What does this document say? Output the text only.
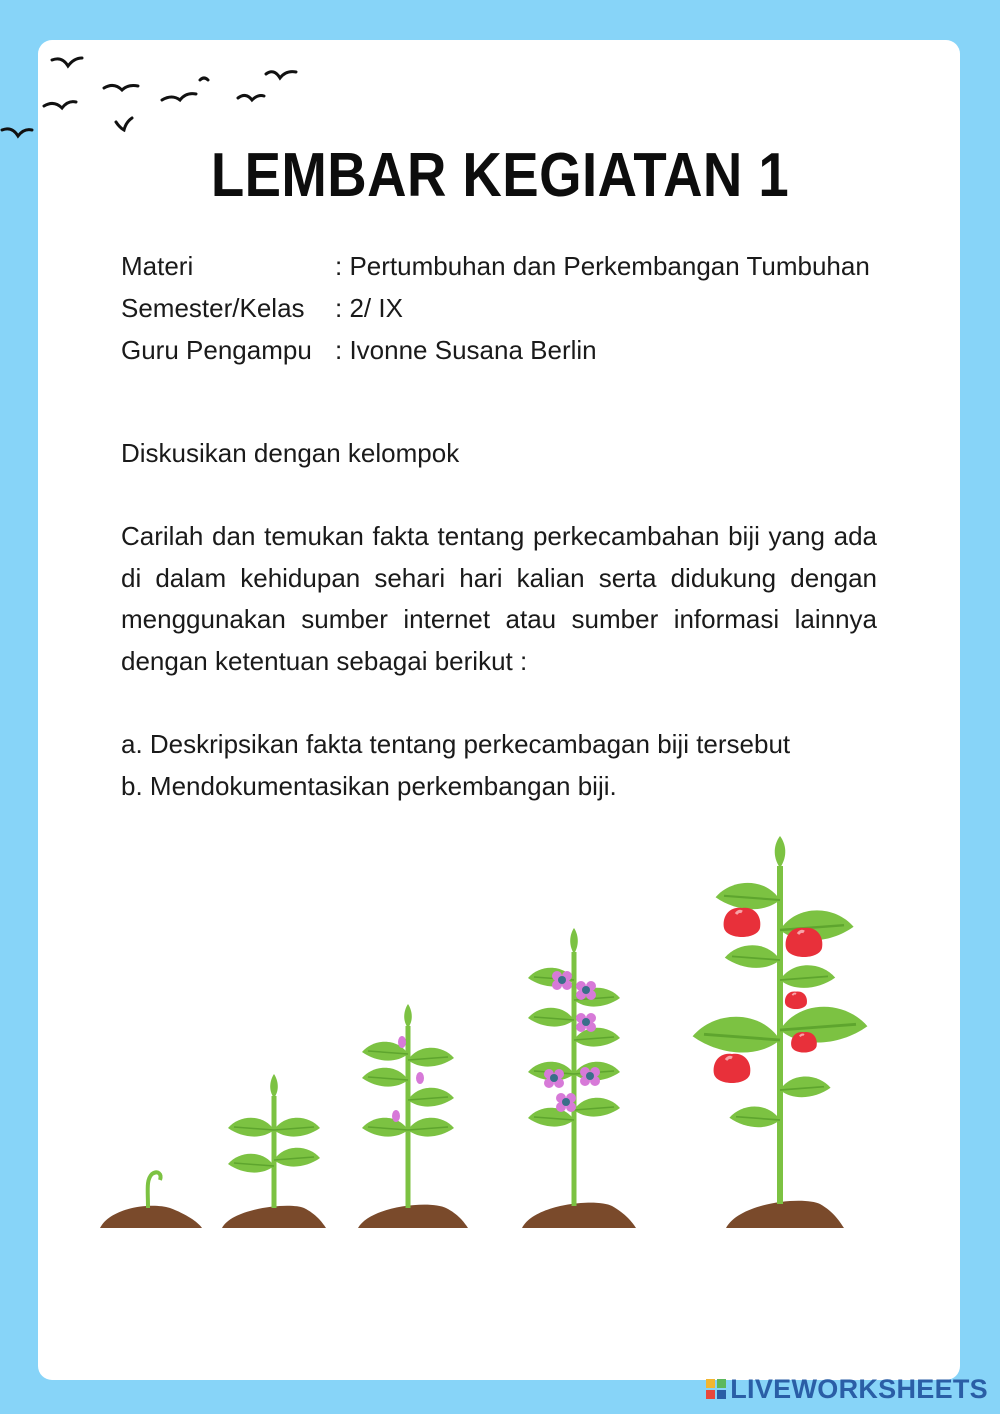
LEMBAR KEGIATAN 1
Materi	: Pertumbuhan dan Perkembangan Tumbuhan
Semester/Kelas	: 2/ IX
Guru Pengampu : Ivonne Susana Berlin
Diskusikan dengan kelompok
Carilah dan temukan fakta tentang perkecambahan biji yang ada di dalam kehidupan sehari hari kalian serta didukung dengan menggunakan sumber internet atau sumber informasi lainnya dengan ketentuan sebagai berikut :
a. Deskripsikan fakta tentang perkecambagan biji tersebut
b. Mendokumentasikan perkembangan biji.
LIVEWORKSHEETS
